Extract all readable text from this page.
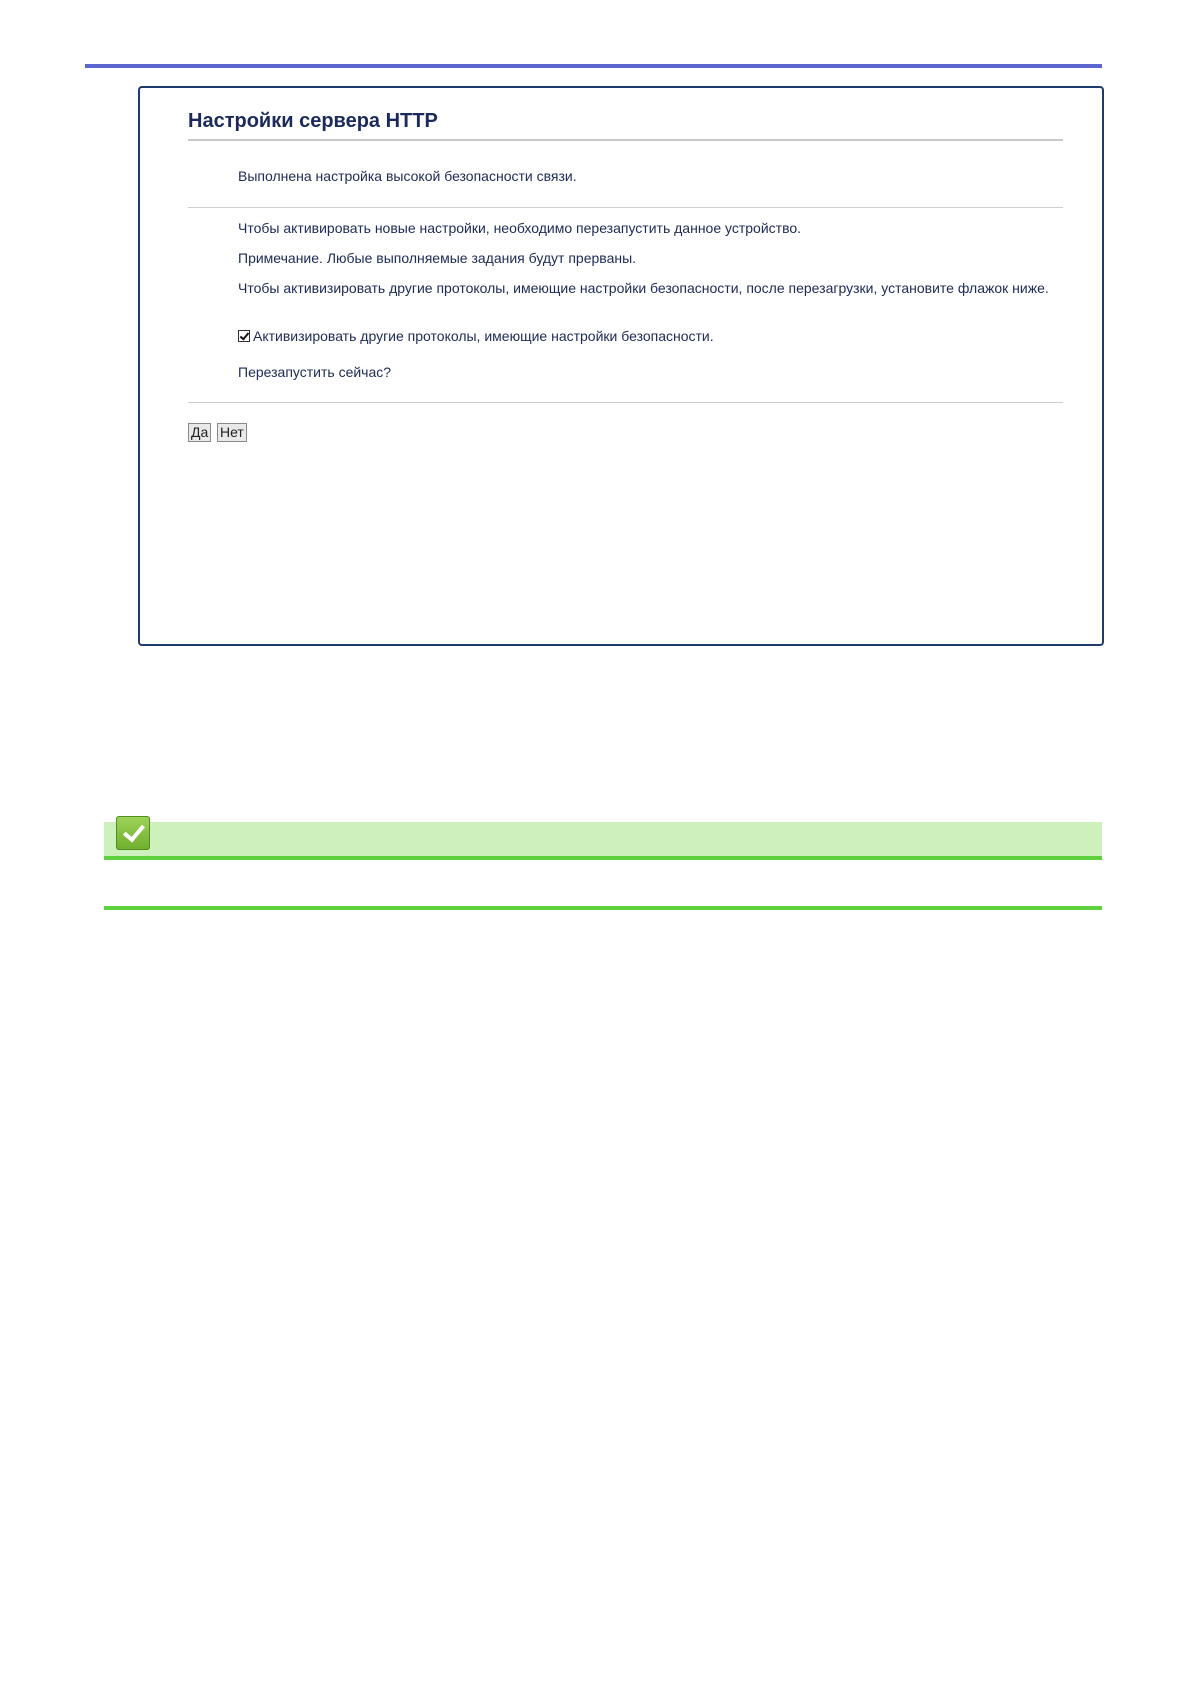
Настройки сервера HTTP

Выполнена настройка высокой безопасности связи.

Чтобы активировать новые настройки, необходимо перезапустить данное устройство.

Примечание. Любые выполняемые задания будут прерваны.

Чтобы активизировать другие протоколы, имеющие настройки безопасности, после перезагрузки, установите флажок ниже.

Активизировать другие протоколы, имеющие настройки безопасности.

Перезапустить сейчас?

Да Нет
